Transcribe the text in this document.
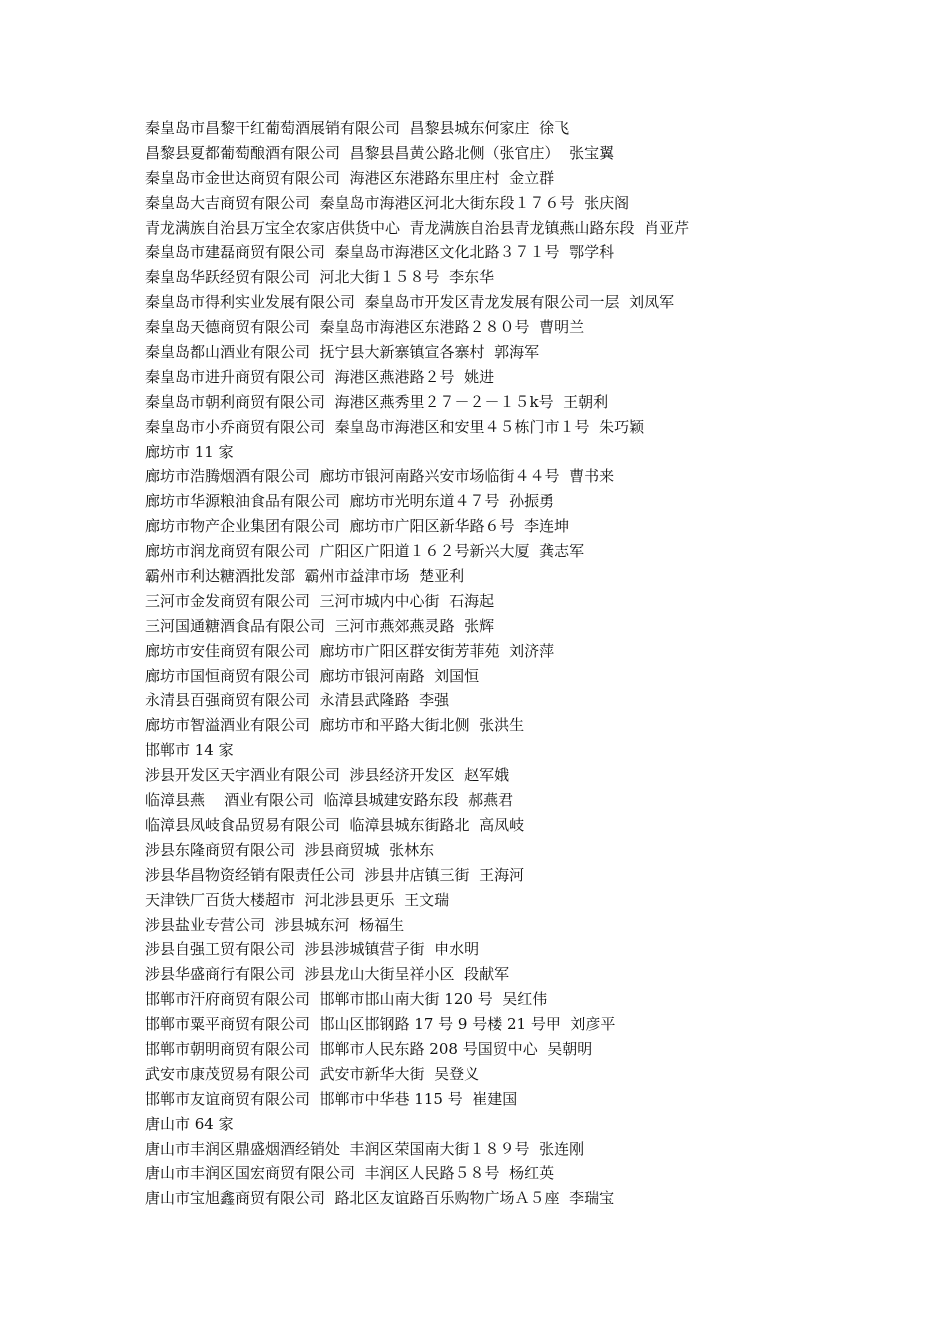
秦皇岛市昌黎干红葡萄酒展销有限公司  昌黎县城东何家庄  徐飞
昌黎县夏都葡萄酿酒有限公司  昌黎县昌黄公路北侧（张官庄）  张宝翼
秦皇岛市金世达商贸有限公司  海港区东港路东里庄村  金立群
秦皇岛大吉商贸有限公司  秦皇岛市海港区河北大街东段１７６号  张庆阁
青龙满族自治县万宝全农家店供货中心  青龙满族自治县青龙镇燕山路东段  肖亚芹
秦皇岛市建磊商贸有限公司  秦皇岛市海港区文化北路３７１号  鄂学科
秦皇岛华跃经贸有限公司  河北大街１５８号  李东华
秦皇岛市得利实业发展有限公司  秦皇岛市开发区青龙发展有限公司一层  刘凤军
秦皇岛天德商贸有限公司  秦皇岛市海港区东港路２８０号  曹明兰
秦皇岛都山酒业有限公司  抚宁县大新寨镇宣各寨村  郭海军
秦皇岛市进升商贸有限公司  海港区燕港路２号  姚进
秦皇岛市朝利商贸有限公司  海港区燕秀里２７－２－１５k号  王朝利
秦皇岛市小乔商贸有限公司  秦皇岛市海港区和安里４５栋门市１号  朱巧颖
廊坊市 11 家
廊坊市浩腾烟酒有限公司  廊坊市银河南路兴安市场临街４４号  曹书来
廊坊市华源粮油食品有限公司  廊坊市光明东道４７号  孙振勇
廊坊市物产企业集团有限公司  廊坊市广阳区新华路６号  李连坤
廊坊市润龙商贸有限公司  广阳区广阳道１６２号新兴大厦  龚志军
霸州市利达糖酒批发部  霸州市益津市场  楚亚利
三河市金发商贸有限公司  三河市城内中心街  石海起
三河国通糖酒食品有限公司  三河市燕郊燕灵路  张辉
廊坊市安佳商贸有限公司  廊坊市广阳区群安街芳菲苑  刘济萍
廊坊市国恒商贸有限公司  廊坊市银河南路  刘国恒
永清县百强商贸有限公司  永清县武隆路  李强
廊坊市智溢酒业有限公司  廊坊市和平路大街北侧  张洪生
邯郸市 14 家
涉县开发区天宇酒业有限公司  涉县经济开发区  赵军娥
临漳县燕    酒业有限公司  临漳县城建安路东段  郝燕君
临漳县凤岐食品贸易有限公司  临漳县城东街路北  高凤岐
涉县东隆商贸有限公司  涉县商贸城  张林东
涉县华昌物资经销有限责任公司  涉县井店镇三街  王海河
天津铁厂百货大楼超市  河北涉县更乐  王文瑞
涉县盐业专营公司  涉县城东河  杨福生
涉县自强工贸有限公司  涉县涉城镇营子街  申水明
涉县华盛商行有限公司  涉县龙山大街呈祥小区  段献军
邯郸市汗府商贸有限公司  邯郸市邯山南大街 120 号  吴红伟
邯郸市粟平商贸有限公司  邯山区邯钢路 17 号 9 号楼 21 号甲  刘彦平
邯郸市朝明商贸有限公司  邯郸市人民东路 208 号国贸中心  吴朝明
武安市康茂贸易有限公司  武安市新华大街  吴登义
邯郸市友谊商贸有限公司  邯郸市中华巷 115 号  崔建国
唐山市 64 家
唐山市丰润区鼎盛烟酒经销处  丰润区荣国南大街１８９号  张连刚
唐山市丰润区国宏商贸有限公司  丰润区人民路５８号  杨红英
唐山市宝旭鑫商贸有限公司  路北区友谊路百乐购物广场Ａ５座  李瑞宝
